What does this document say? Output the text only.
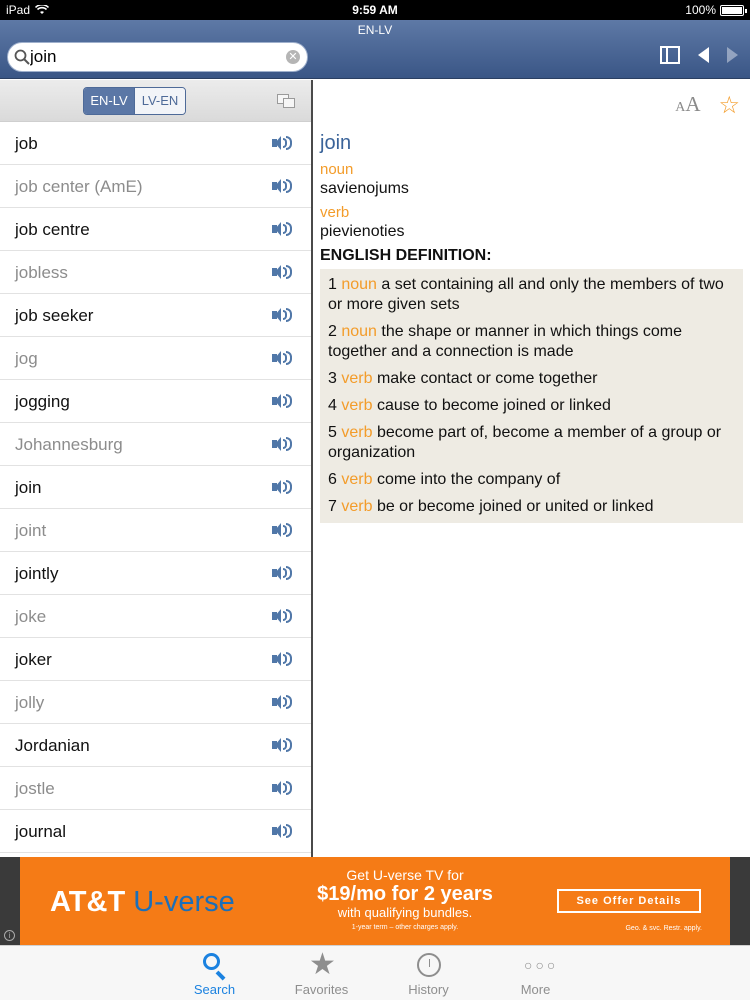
iPad	9:59 AM	100%
EN-LV
join
✕
EN-LV	LV-EN
job
job center (AmE)
job centre
jobless
job seeker
jog
jogging
Johannesburg
join
joint
jointly
joke
joker
jolly
Jordanian
jostle
journal
AA ☆
join
noun
savienojums
verb
pievienoties
ENGLISH DEFINITION:
1 noun a set containing all and only the members of two or more given sets
2 noun the shape or manner in which things come together and a connection is made
3 verb make contact or come together
4 verb cause to become joined or linked
5 verb become part of, become a member of a group or organization
6 verb come into the company of
7 verb be or become joined or united or linked
i
AT&T U-verse
Get U-verse TV for
$19/mo for 2 years
with qualifying bundles.
1-year term – other charges apply.
See Offer Details
Geo. & svc. Restr. apply.
Search
★
Favorites	History
○○○
More
